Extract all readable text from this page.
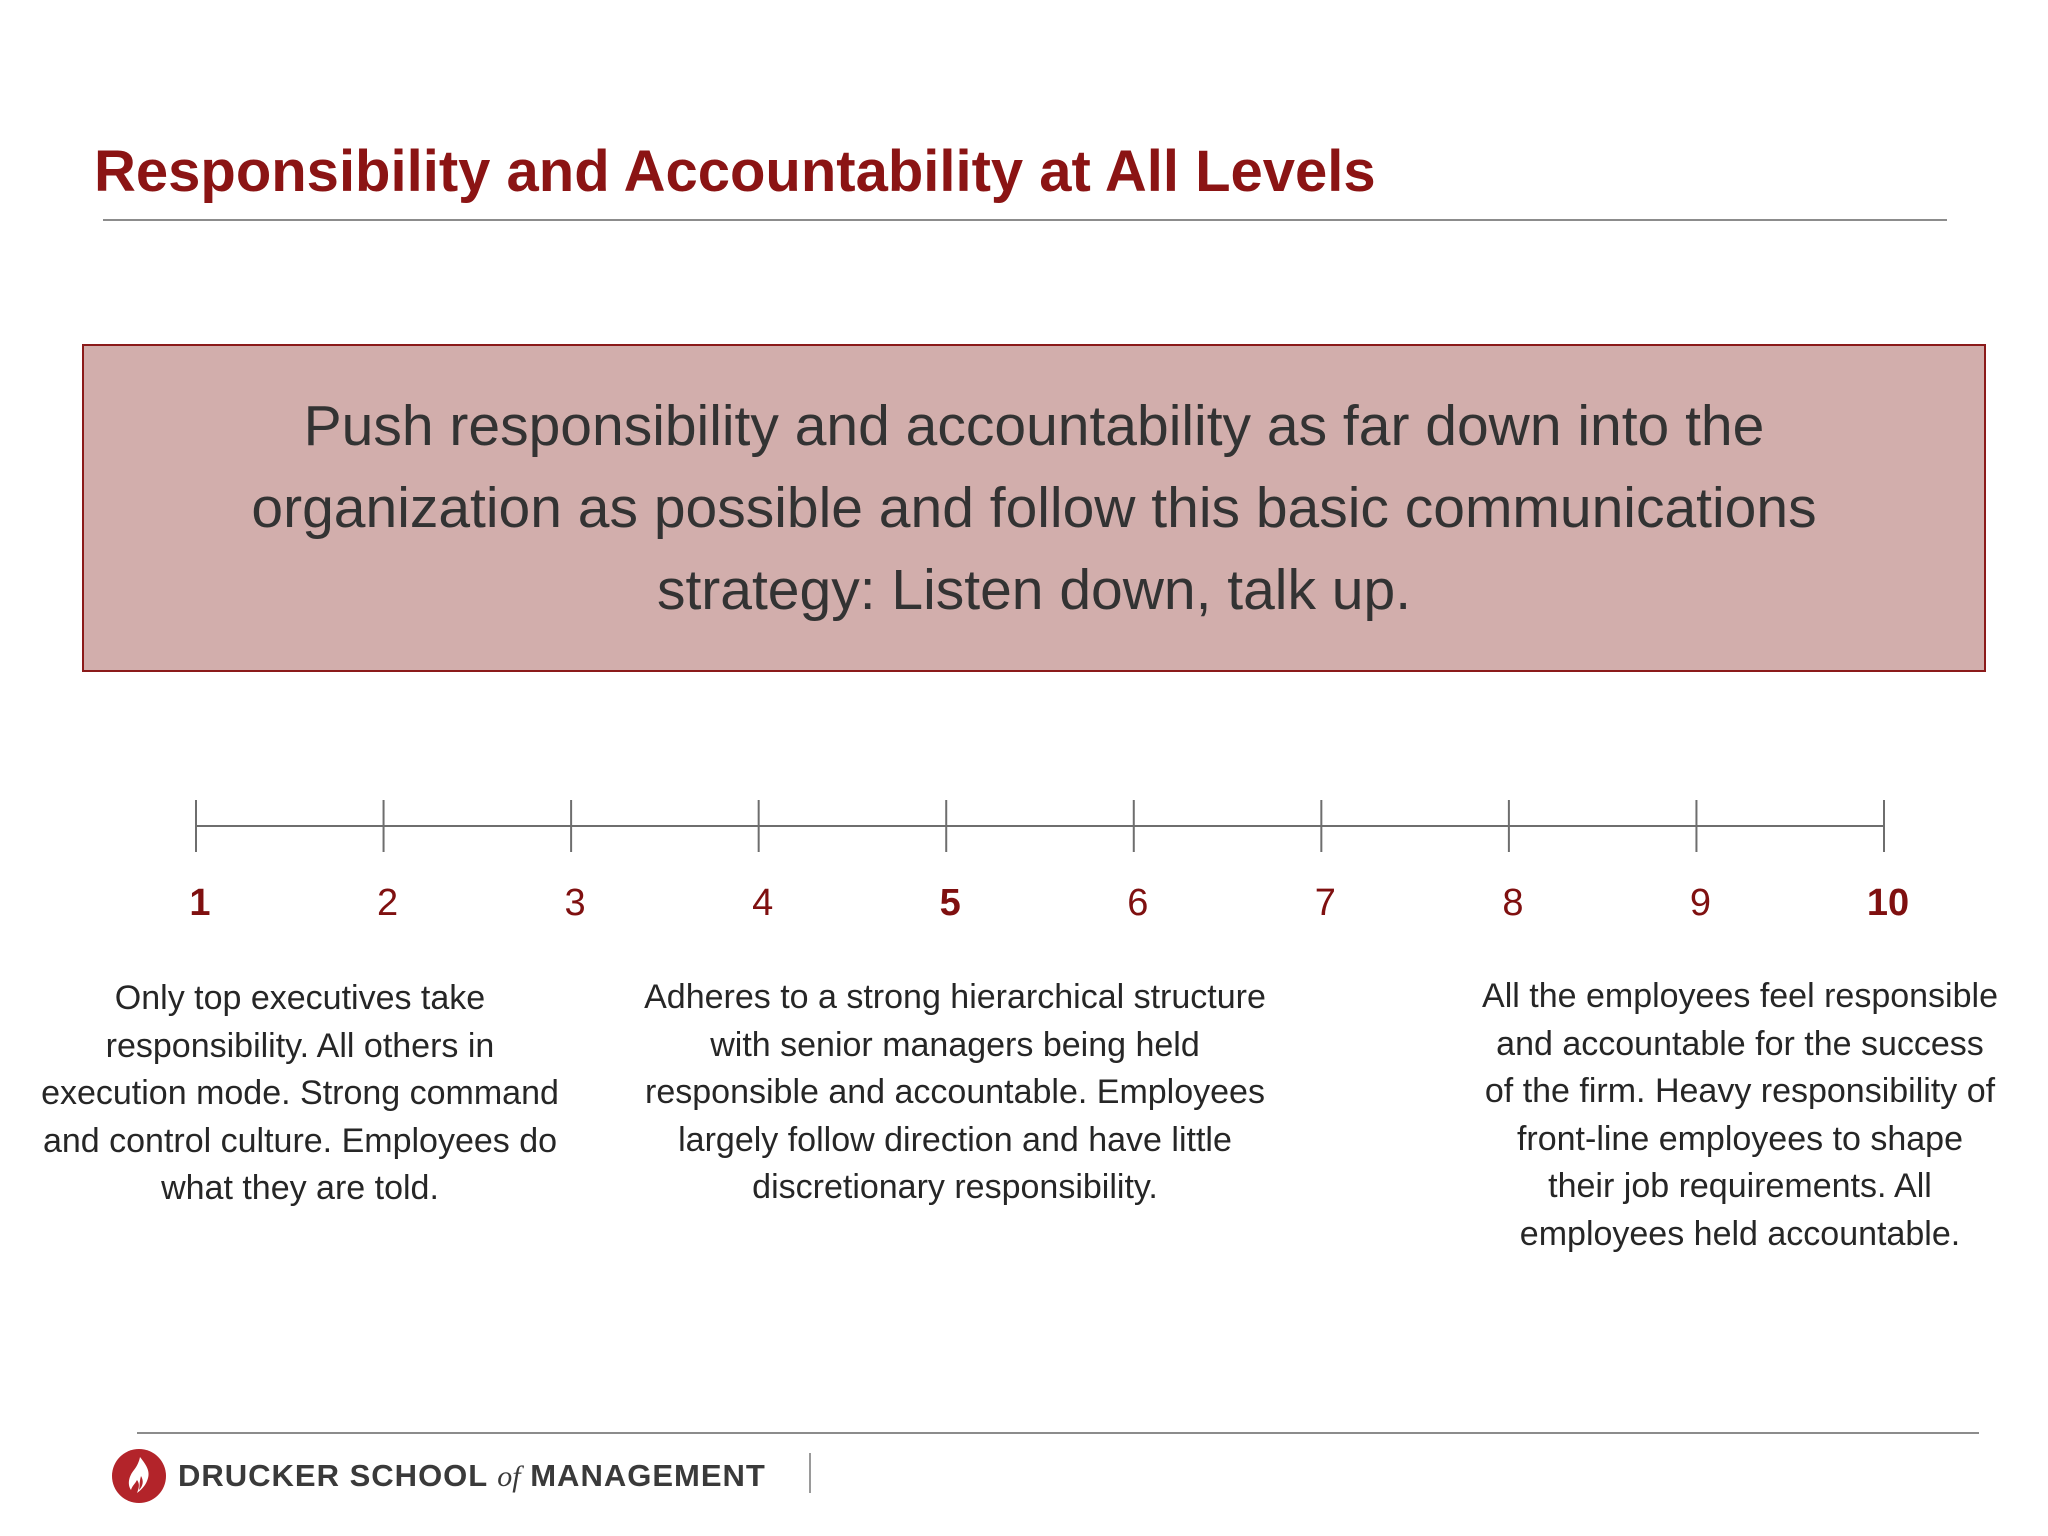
Responsibility and Accountability at All Levels

Push responsibility and accountability as far down into the organization as possible and follow this basic communications strategy: Listen down, talk up.

1	2	3	4	5	6	7	8	9	10

Only top executives take responsibility. All others in execution mode. Strong command and control culture. Employees do what they are told.

Adheres to a strong hierarchical structure with senior managers being held responsible and accountable. Employees largely follow direction and have little discretionary responsibility.

All the employees feel responsible and accountable for the success of the firm. Heavy responsibility of front-line employees to shape their job requirements. All employees held accountable.

DRUCKER SCHOOL of MANAGEMENT
